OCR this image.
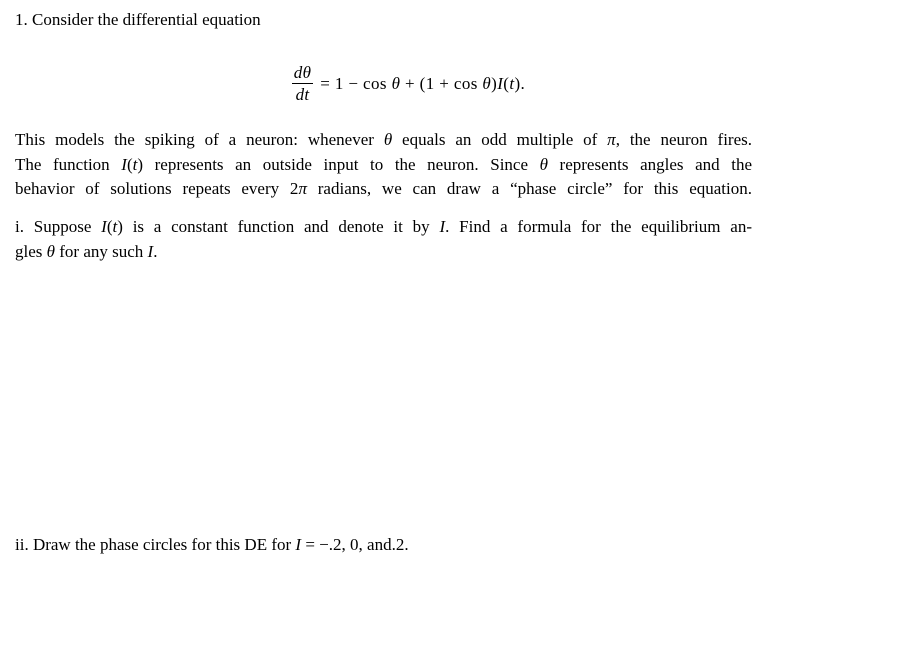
1. Consider the differential equation
$\frac{d\theta}{dt} = 1 - \cos \theta + (1 + \cos \theta)I(t)$.
This models the spiking of a neuron: whenever θ equals an odd multiple of π, the neuron fires.
The function I(t) represents an outside input to the neuron. Since θ represents angles and the
behavior of solutions repeats every 2π radians, we can draw a “phase circle” for this equation.
i. Suppose I(t) is a constant function and denote it by I. Find a formula for the equilibrium an-
gles θ for any such I.
ii. Draw the phase circles for this DE for I = −.2, 0, and.2.
